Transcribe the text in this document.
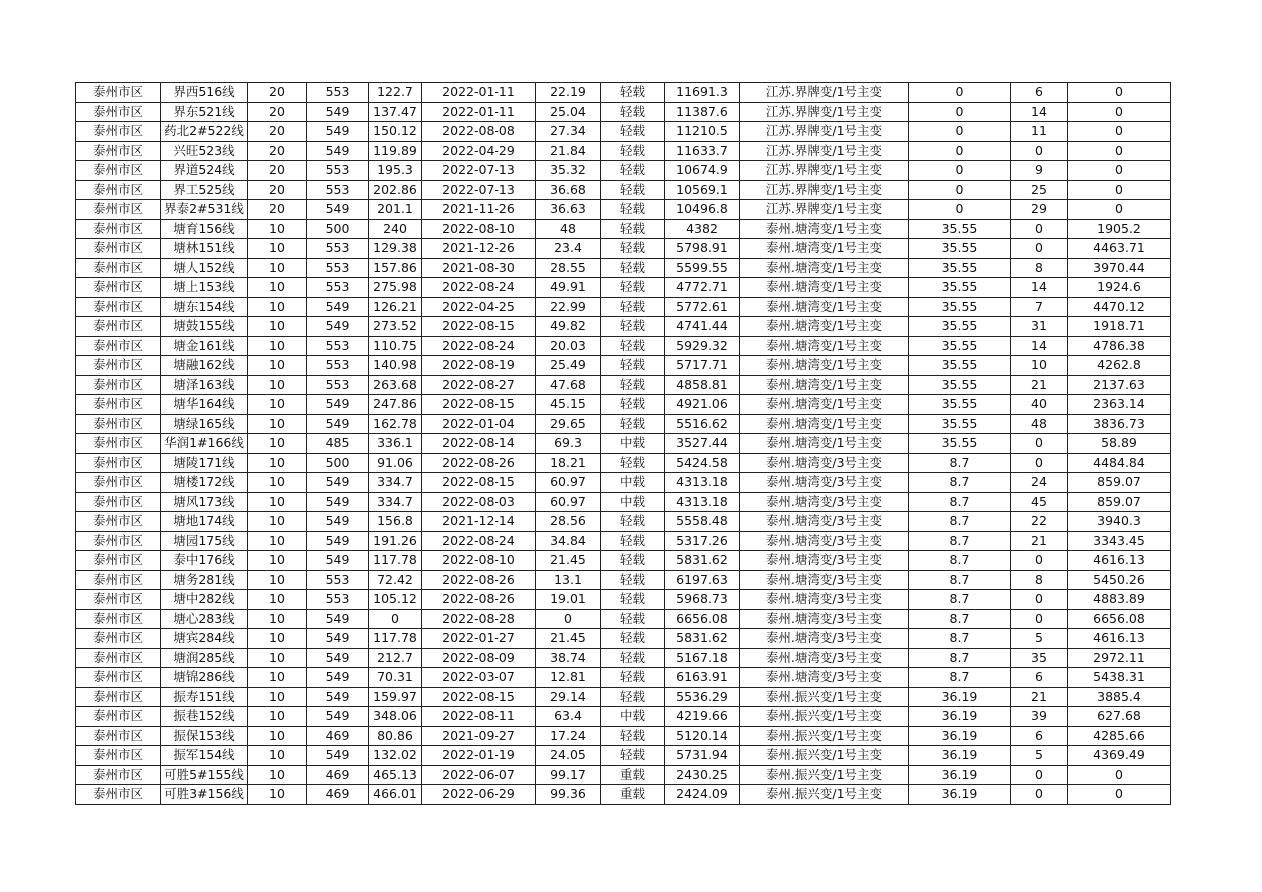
泰州市区	界西516线	20	553	122.7	2022-01-11	22.19	轻载	11691.3	江苏.界牌变/1号主变	0	6	0
泰州市区	界东521线	20	549	137.47	2022-01-11	25.04	轻载	11387.6	江苏.界牌变/1号主变	0	14	0
泰州市区	药北2#522线	20	549	150.12	2022-08-08	27.34	轻载	11210.5	江苏.界牌变/1号主变	0	11	0
泰州市区	兴旺523线	20	549	119.89	2022-04-29	21.84	轻载	11633.7	江苏.界牌变/1号主变	0	0	0
泰州市区	界道524线	20	553	195.3	2022-07-13	35.32	轻载	10674.9	江苏.界牌变/1号主变	0	9	0
泰州市区	界工525线	20	553	202.86	2022-07-13	36.68	轻载	10569.1	江苏.界牌变/1号主变	0	25	0
泰州市区	界泰2#531线	20	549	201.1	2021-11-26	36.63	轻载	10496.8	江苏.界牌变/1号主变	0	29	0
泰州市区	塘育156线	10	500	240	2022-08-10	48	轻载	4382	泰州.塘湾变/1号主变	35.55	0	1905.2
泰州市区	塘林151线	10	553	129.38	2021-12-26	23.4	轻载	5798.91	泰州.塘湾变/1号主变	35.55	0	4463.71
泰州市区	塘人152线	10	553	157.86	2021-08-30	28.55	轻载	5599.55	泰州.塘湾变/1号主变	35.55	8	3970.44
泰州市区	塘上153线	10	553	275.98	2022-08-24	49.91	轻载	4772.71	泰州.塘湾变/1号主变	35.55	14	1924.6
泰州市区	塘东154线	10	549	126.21	2022-04-25	22.99	轻载	5772.61	泰州.塘湾变/1号主变	35.55	7	4470.12
泰州市区	塘鼓155线	10	549	273.52	2022-08-15	49.82	轻载	4741.44	泰州.塘湾变/1号主变	35.55	31	1918.71
泰州市区	塘金161线	10	553	110.75	2022-08-24	20.03	轻载	5929.32	泰州.塘湾变/1号主变	35.55	14	4786.38
泰州市区	塘融162线	10	553	140.98	2022-08-19	25.49	轻载	5717.71	泰州.塘湾变/1号主变	35.55	10	4262.8
泰州市区	塘泽163线	10	553	263.68	2022-08-27	47.68	轻载	4858.81	泰州.塘湾变/1号主变	35.55	21	2137.63
泰州市区	塘华164线	10	549	247.86	2022-08-15	45.15	轻载	4921.06	泰州.塘湾变/1号主变	35.55	40	2363.14
泰州市区	塘绿165线	10	549	162.78	2022-01-04	29.65	轻载	5516.62	泰州.塘湾变/1号主变	35.55	48	3836.73
泰州市区	华润1#166线	10	485	336.1	2022-08-14	69.3	中载	3527.44	泰州.塘湾变/1号主变	35.55	0	58.89
泰州市区	塘陵171线	10	500	91.06	2022-08-26	18.21	轻载	5424.58	泰州.塘湾变/3号主变	8.7	0	4484.84
泰州市区	塘楼172线	10	549	334.7	2022-08-15	60.97	中载	4313.18	泰州.塘湾变/3号主变	8.7	24	859.07
泰州市区	塘风173线	10	549	334.7	2022-08-03	60.97	中载	4313.18	泰州.塘湾变/3号主变	8.7	45	859.07
泰州市区	塘地174线	10	549	156.8	2021-12-14	28.56	轻载	5558.48	泰州.塘湾变/3号主变	8.7	22	3940.3
泰州市区	塘园175线	10	549	191.26	2022-08-24	34.84	轻载	5317.26	泰州.塘湾变/3号主变	8.7	21	3343.45
泰州市区	泰中176线	10	549	117.78	2022-08-10	21.45	轻载	5831.62	泰州.塘湾变/3号主变	8.7	0	4616.13
泰州市区	塘务281线	10	553	72.42	2022-08-26	13.1	轻载	6197.63	泰州.塘湾变/3号主变	8.7	8	5450.26
泰州市区	塘中282线	10	553	105.12	2022-08-26	19.01	轻载	5968.73	泰州.塘湾变/3号主变	8.7	0	4883.89
泰州市区	塘心283线	10	549	0	2022-08-28	0	轻载	6656.08	泰州.塘湾变/3号主变	8.7	0	6656.08
泰州市区	塘宾284线	10	549	117.78	2022-01-27	21.45	轻载	5831.62	泰州.塘湾变/3号主变	8.7	5	4616.13
泰州市区	塘润285线	10	549	212.7	2022-08-09	38.74	轻载	5167.18	泰州.塘湾变/3号主变	8.7	35	2972.11
泰州市区	塘锦286线	10	549	70.31	2022-03-07	12.81	轻载	6163.91	泰州.塘湾变/3号主变	8.7	6	5438.31
泰州市区	振寿151线	10	549	159.97	2022-08-15	29.14	轻载	5536.29	泰州.振兴变/1号主变	36.19	21	3885.4
泰州市区	振巷152线	10	549	348.06	2022-08-11	63.4	中载	4219.66	泰州.振兴变/1号主变	36.19	39	627.68
泰州市区	振保153线	10	469	80.86	2021-09-27	17.24	轻载	5120.14	泰州.振兴变/1号主变	36.19	6	4285.66
泰州市区	振军154线	10	549	132.02	2022-01-19	24.05	轻载	5731.94	泰州.振兴变/1号主变	36.19	5	4369.49
泰州市区	可胜5#155线	10	469	465.13	2022-06-07	99.17	重载	2430.25	泰州.振兴变/1号主变	36.19	0	0
泰州市区	可胜3#156线	10	469	466.01	2022-06-29	99.36	重载	2424.09	泰州.振兴变/1号主变	36.19	0	0
